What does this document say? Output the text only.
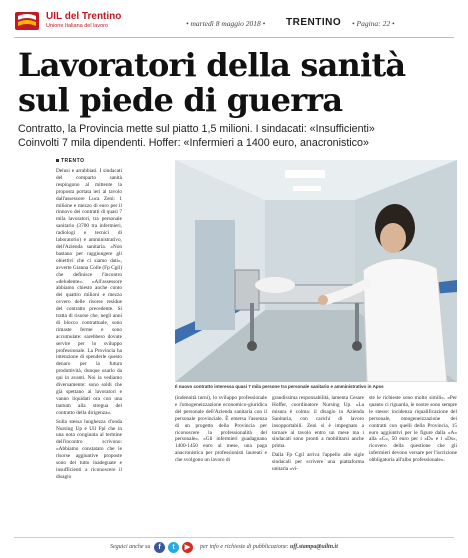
UIL del Trentino
Unione Italiana del lavoro	• martedì 8 maggio 2018 • TRENTINO • Pagina: 22 •
Lavoratori della sanità
sul piede di guerra
Contratto, la Provincia mette sul piatto 1,5 milioni. I sindacati: «Insufficienti»
Coinvolti 7 mila dipendenti. Hoffer: «Infermieri a 1400 euro, anacronistico»
TRENTO

Delusi e arrabbiati. I sindacati del comparto sanità respingono al mittente la proposta portata ieri al tavolo dall'assessore Luca Zeni: 1 milione e mezzo di euro per il rinnovo dei contratti di quasi 7 mila lavoratori, tra personale sanitario (3700 tra infermieri, radiologi e tecnici di laboratorio) e amministrativo, dell'Azienda sanitaria. «Non bastano per raggiungere gli obiettivi che ci siamo dati», avverte Gianna Colle (Fp Cgil) che definisce l'incontro «deludente». «All'assessore abbiamo chiesto anche conto dei quattro milioni e mezzo ovvero delle risorse residue del contratto precedente. Si tratta di risorse che, negli anni di blocco contrattuale, sono rimaste ferme e sono accumulate: sarebbero dovute servire per lo sviluppo professionale. La Provincia ha intenzione di spenderle questo denaro per la futura produttività, dunque usarlo da qui in avanti. Noi la vediamo diversamente: sono soldi che già spettano ai lavoratori e vanno liquidati ora con una tantum alla stregua del contratto della dirigenza».

Sulla stessa lunghezza d'onda Nursing Up e Uil Fpl che in una nota congiunta al termine dell'incontro scrivono: «Abbiamo constatato che le risorse aggiuntive proposte sono del tutto inadeguate e insufficienti a riconoscere il disagio

Il nuovo contratto interessa quasi 7 mila persone tra personale sanitario e amministrativo in Apss

(indennità turni), lo sviluppo professionale e l'omogeneizzazione economico-giuridica del personale dell'Azienda sanitaria con il personale provinciale. È emersa l'assenza di un progetto della Provincia per riconoscere la professionalità del personale». «Gli infermieri guadagnano 1400-1450 euro al mese, una paga anacronistica per professionisti laureati e che svolgono un lavoro di

grandissima responsabilità, lamenta Cesare Hoffer, coordinatore Nursing Up. «La misura è colma: il disagio in Azienda Sanitaria, con carichi di lavoro insopportabili. Zeni si è impegnato a tornare al tavolo entro un mese ma i sindacati sono pronti a mobilitarsi anche prima.

Dalla Fp Cgil arriva l'appello alle sigle sindacali per scrivere una piattaforma unitaria «vi-

ste le richieste sono molto simili». «Per quanto ci riguarda, le nostre sono sempre le stesse: incidenza riqualificazione del personale, omogeneizzazione dei contratti con quelli della Provincia, 15 euro aggiuntivi per le figure dalla «A» alla «C», 50 euro per i «D» e i «Ds», ricovero della questione che gli infermieri devono versare per l'iscrizione obbligatoria all'albo professionale».

Seguici anche su	f	t	▶	per info e richieste di pubblicazione: uff.stampa@uiltn.it
